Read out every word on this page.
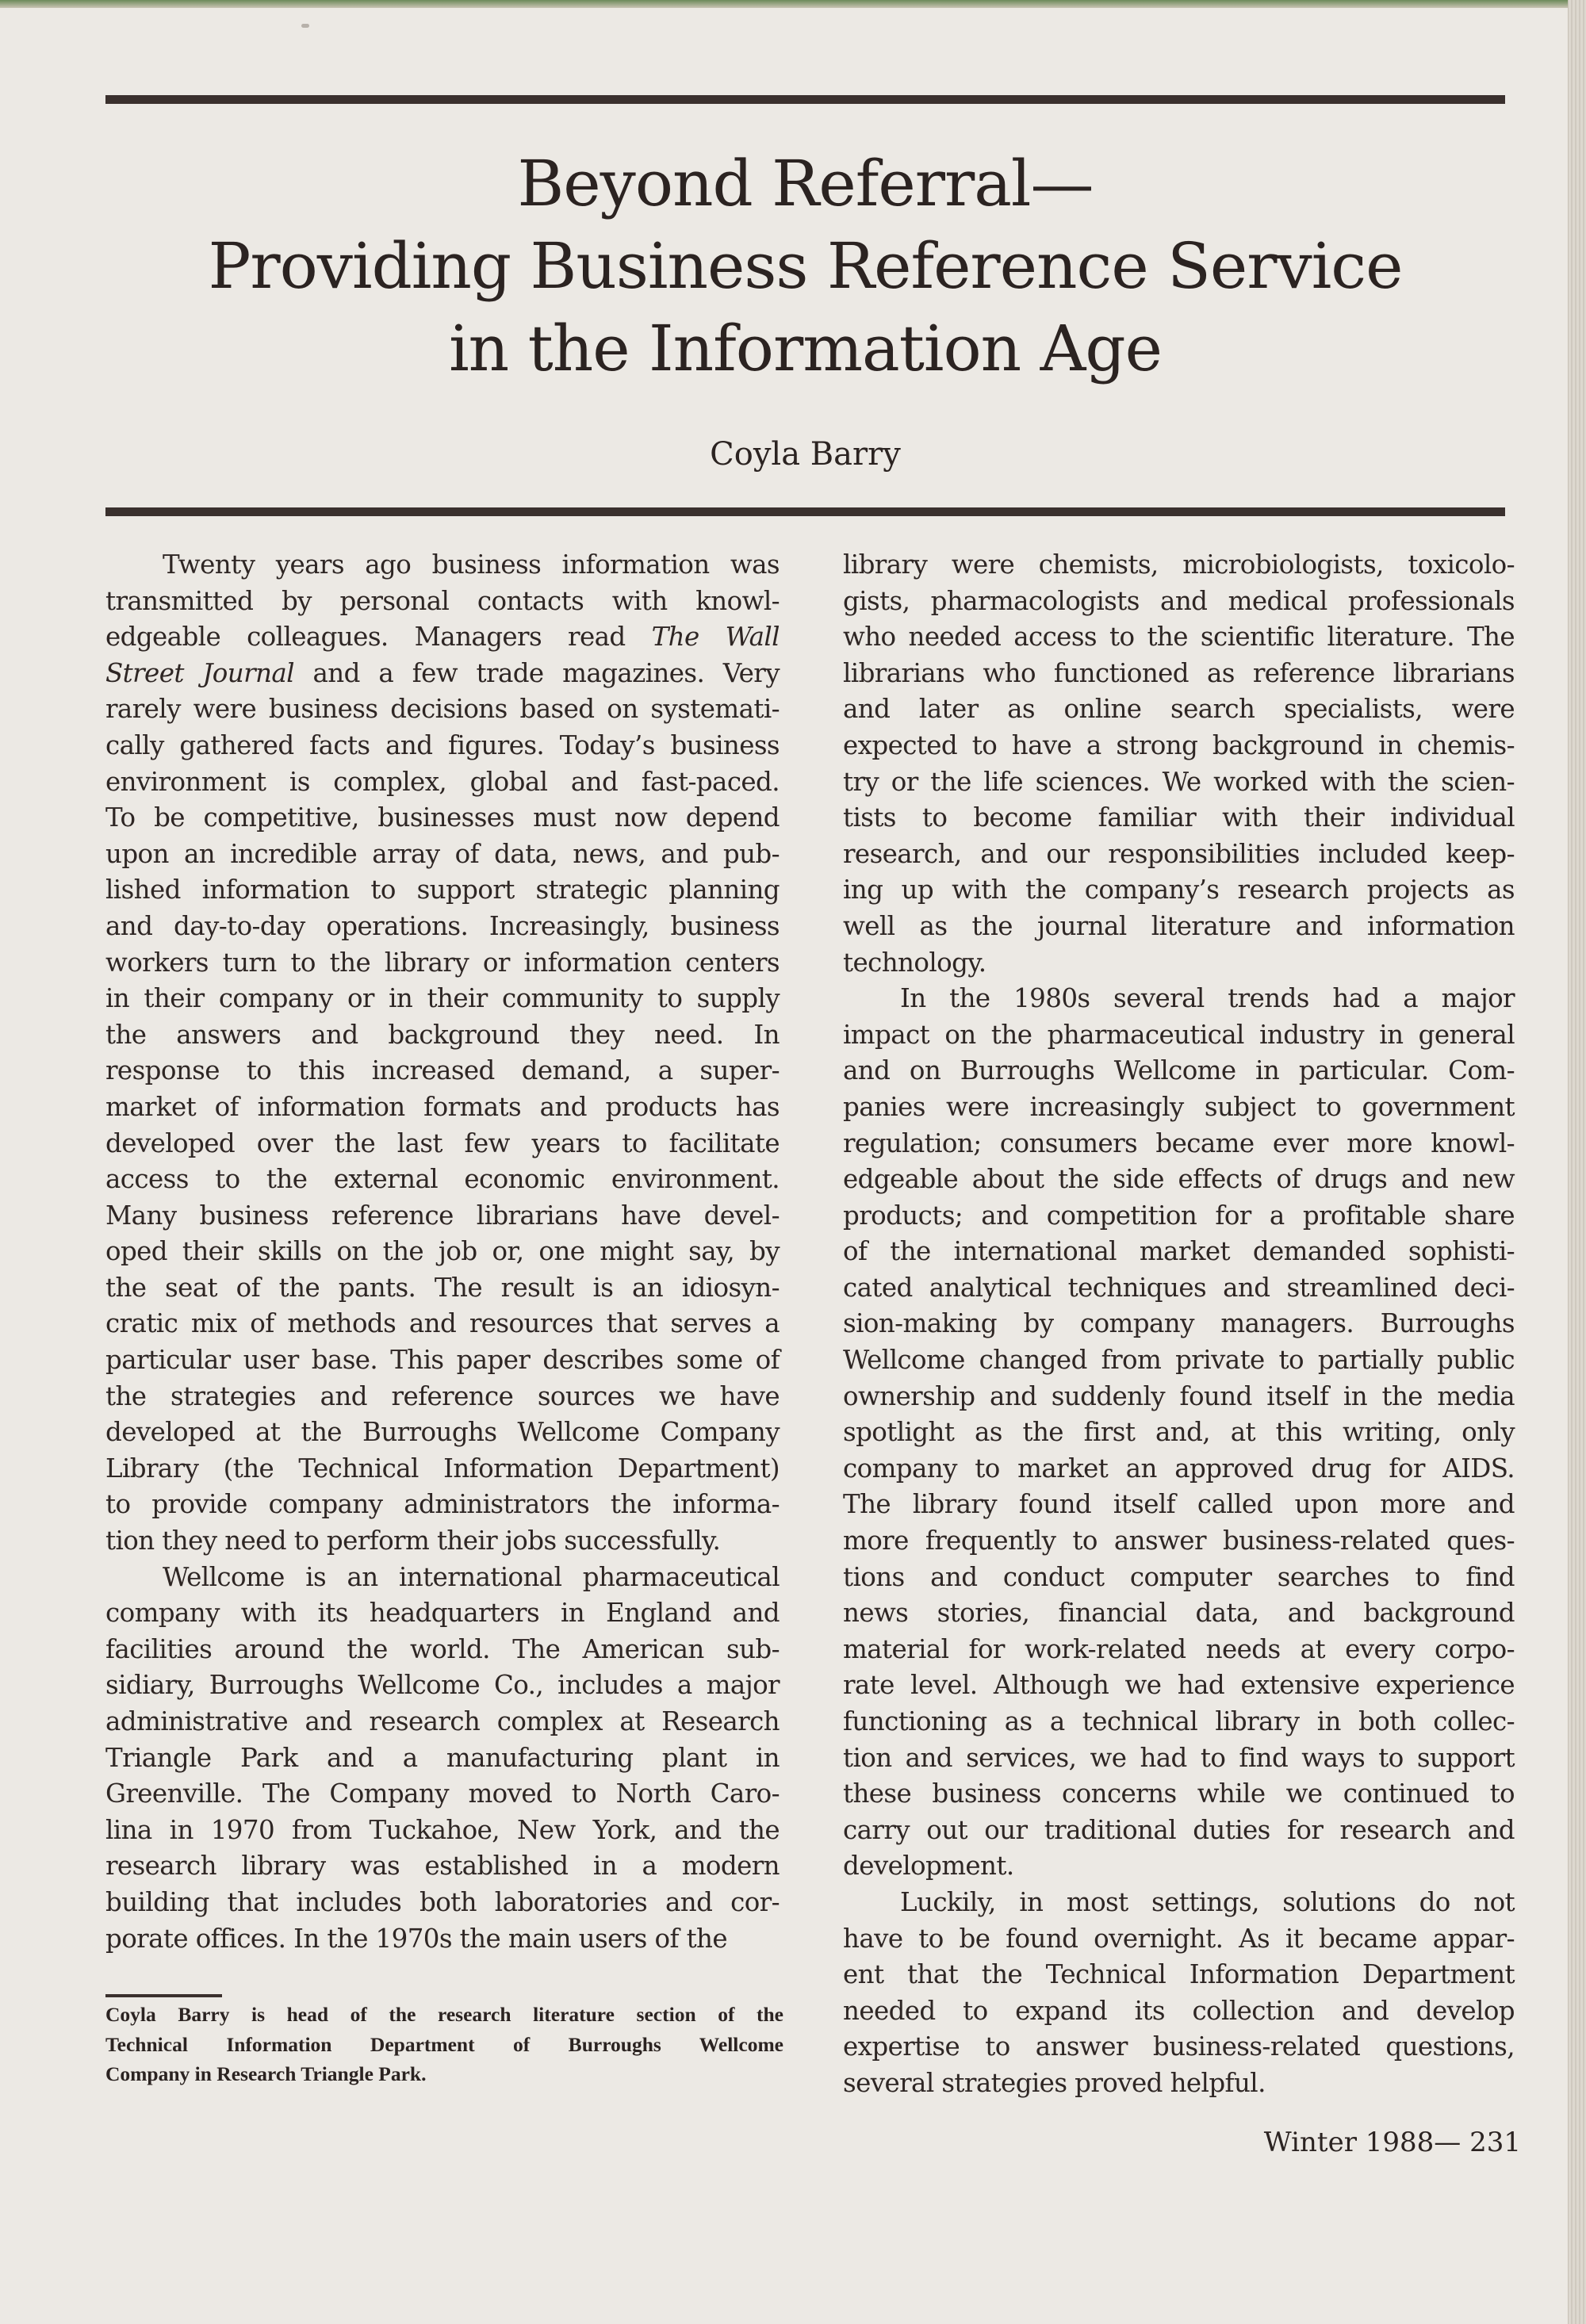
Beyond Referral—
Providing Business Reference Service
in the Information Age
Coyla Barry

Twenty years ago business information was
transmitted by personal contacts with knowl-
edgeable colleagues. Managers read The Wall
Street Journal and a few trade magazines. Very
rarely were business decisions based on systemati-
cally gathered facts and figures. Today’s business
environment is complex, global and fast-paced.
To be competitive, businesses must now depend
upon an incredible array of data, news, and pub-
lished information to support strategic planning
and day-to-day operations. Increasingly, business
workers turn to the library or information centers
in their company or in their community to supply
the answers and background they need. In
response to this increased demand, a super-
market of information formats and products has
developed over the last few years to facilitate
access to the external economic environment.
Many business reference librarians have devel-
oped their skills on the job or, one might say, by
the seat of the pants. The result is an idiosyn-
cratic mix of methods and resources that serves a
particular user base. This paper describes some of
the strategies and reference sources we have
developed at the Burroughs Wellcome Company
Library (the Technical Information Department)
to provide company administrators the informa-
tion they need to perform their jobs successfully.

Wellcome is an international pharmaceutical
company with its headquarters in England and
facilities around the world. The American sub-
sidiary, Burroughs Wellcome Co., includes a major
administrative and research complex at Research
Triangle Park and a manufacturing plant in
Greenville. The Company moved to North Caro-
lina in 1970 from Tuckahoe, New York, and the
research library was established in a modern
building that includes both laboratories and cor-
porate offices. In the 1970s the main users of the

library were chemists, microbiologists, toxicolo-
gists, pharmacologists and medical professionals
who needed access to the scientific literature. The
librarians who functioned as reference librarians
and later as online search specialists, were
expected to have a strong background in chemis-
try or the life sciences. We worked with the scien-
tists to become familiar with their individual
research, and our responsibilities included keep-
ing up with the company’s research projects as
well as the journal literature and information
technology.

In the 1980s several trends had a major
impact on the pharmaceutical industry in general
and on Burroughs Wellcome in particular. Com-
panies were increasingly subject to government
regulation; consumers became ever more knowl-
edgeable about the side effects of drugs and new
products; and competition for a profitable share
of the international market demanded sophisti-
cated analytical techniques and streamlined deci-
sion-making by company managers. Burroughs
Wellcome changed from private to partially public
ownership and suddenly found itself in the media
spotlight as the first and, at this writing, only
company to market an approved drug for AIDS.
The library found itself called upon more and
more frequently to answer business-related ques-
tions and conduct computer searches to find
news stories, financial data, and background
material for work-related needs at every corpo-
rate level. Although we had extensive experience
functioning as a technical library in both collec-
tion and services, we had to find ways to support
these business concerns while we continued to
carry out our traditional duties for research and
development.

Luckily, in most settings, solutions do not
have to be found overnight. As it became appar-
ent that the Technical Information Department
needed to expand its collection and develop
expertise to answer business-related questions,
several strategies proved helpful.

Coyla Barry is head of the research literature section of the
Technical Information Department of Burroughs Wellcome
Company in Research Triangle Park.
Winter 1988— 231
